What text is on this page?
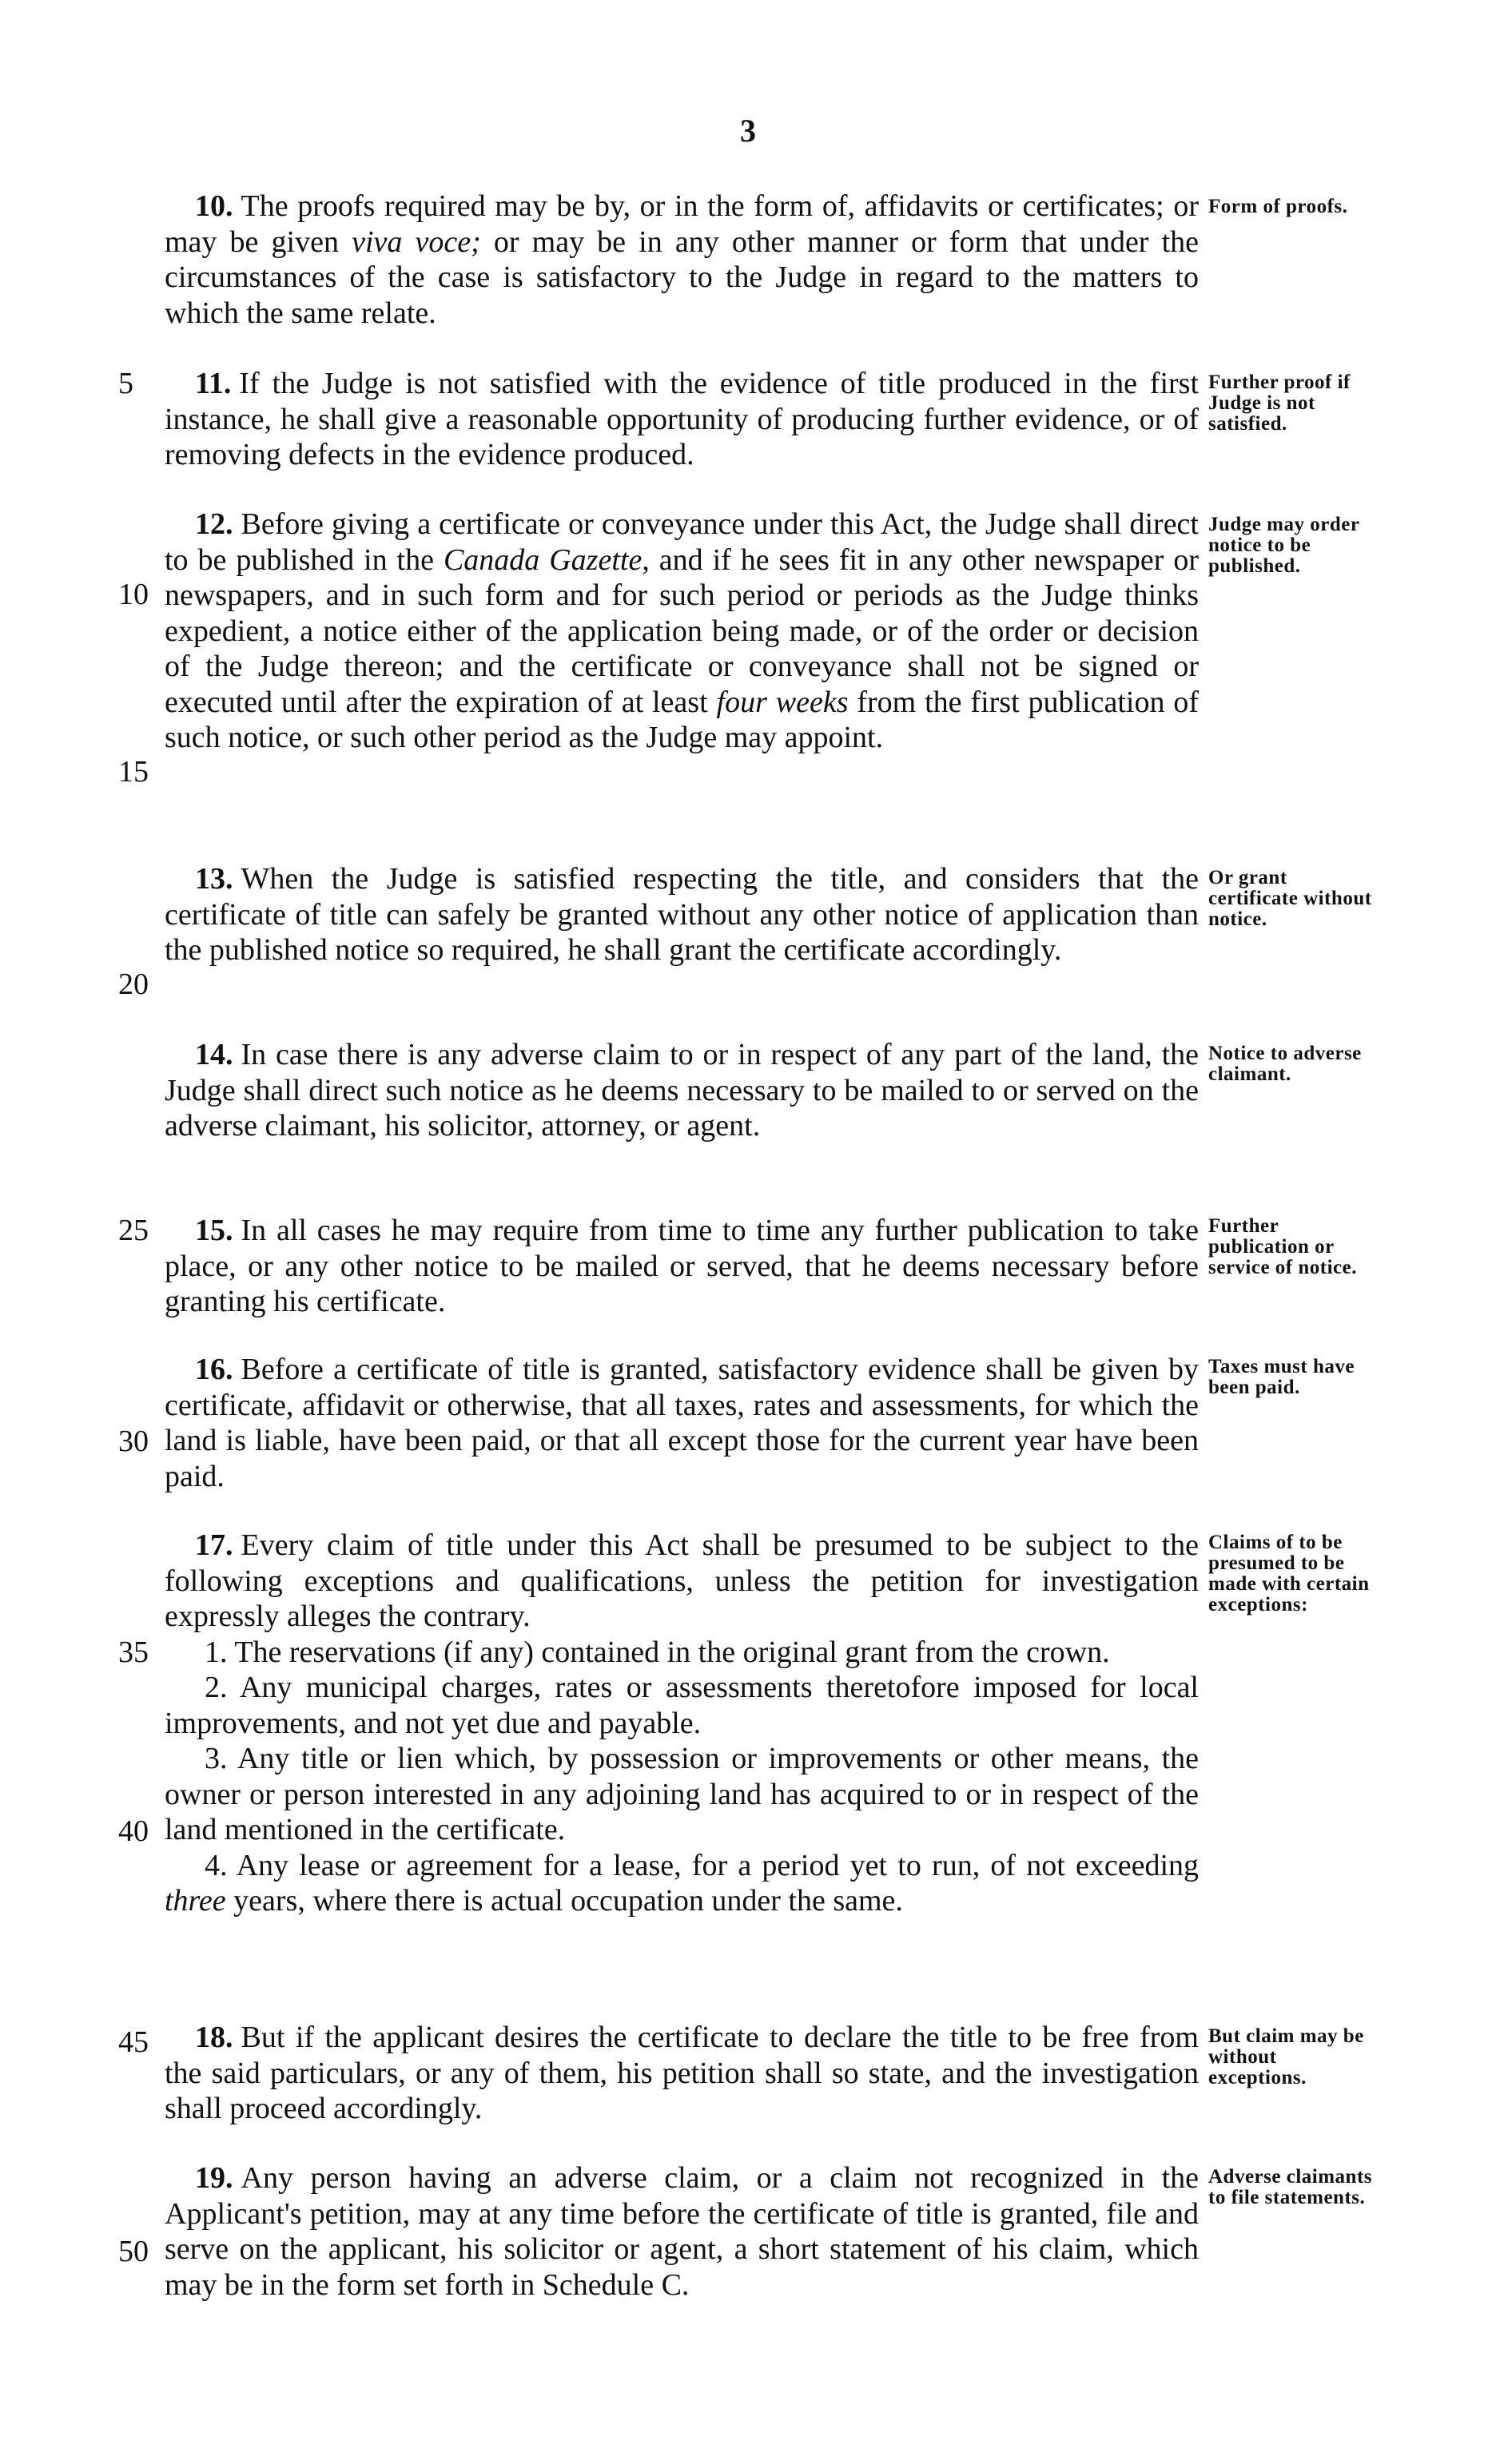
3
10. The proofs required may be by, or in the form of, affidavits or certificates; or may be given viva voce; or may be in any other manner or form that under the circumstances of the case is satisfactory to the Judge in regard to the matters to which the same relate.
Form of proofs.
11. If the Judge is not satisfied with the evidence of title produced in the first instance, he shall give a reasonable opportunity of producing further evidence, or of removing defects in the evidence produced.
Further proof if Judge is not satisfied.
12. Before giving a certificate or conveyance under this Act, the Judge shall direct to be published in the Canada Gazette, and if he sees fit in any other newspaper or newspapers, and in such form and for such period or periods as the Judge thinks expedient, a notice either of the application being made, or of the order or decision of the Judge thereon; and the certificate or conveyance shall not be signed or executed until after the expiration of at least four weeks from the first publication of such notice, or such other period as the Judge may appoint.
Judge may order notice to be published.
13. When the Judge is satisfied respecting the title, and considers that the certificate of title can safely be granted without any other notice of application than the published notice so required, he shall grant the certificate accordingly.
Or grant certificate without notice.
14. In case there is any adverse claim to or in respect of any part of the land, the Judge shall direct such notice as he deems necessary to be mailed to or served on the adverse claimant, his solicitor, attorney, or agent.
Notice to adverse claimant.
15. In all cases he may require from time to time any further publication to take place, or any other notice to be mailed or served, that he deems necessary before granting his certificate.
Further publication or service of notice.
16. Before a certificate of title is granted, satisfactory evidence shall be given by certificate, affidavit or otherwise, that all taxes, rates and assessments, for which the land is liable, have been paid, or that all except those for the current year have been paid.
Taxes must have been paid.
17. Every claim of title under this Act shall be presumed to be subject to the following exceptions and qualifications, unless the petition for investigation expressly alleges the contrary.
1. The reservations (if any) contained in the original grant from the crown.
2. Any municipal charges, rates or assessments theretofore imposed for local improvements, and not yet due and payable.
3. Any title or lien which, by possession or improvements or other means, the owner or person interested in any adjoining land has acquired to or in respect of the land mentioned in the certificate.
4. Any lease or agreement for a lease, for a period yet to run, of not exceeding three years, where there is actual occupation under the same.
Claims of to be presumed to be made with certain exceptions:
18. But if the applicant desires the certificate to declare the title to be free from the said particulars, or any of them, his petition shall so state, and the investigation shall proceed accordingly.
But claim may be without exceptions.
19. Any person having an adverse claim, or a claim not recognized in the Applicant's petition, may at any time before the certificate of title is granted, file and serve on the applicant, his solicitor or agent, a short statement of his claim, which may be in the form set forth in Schedule C.
Adverse claimants to file statements.
5
10
15
20
25
30
35
40
45
50
